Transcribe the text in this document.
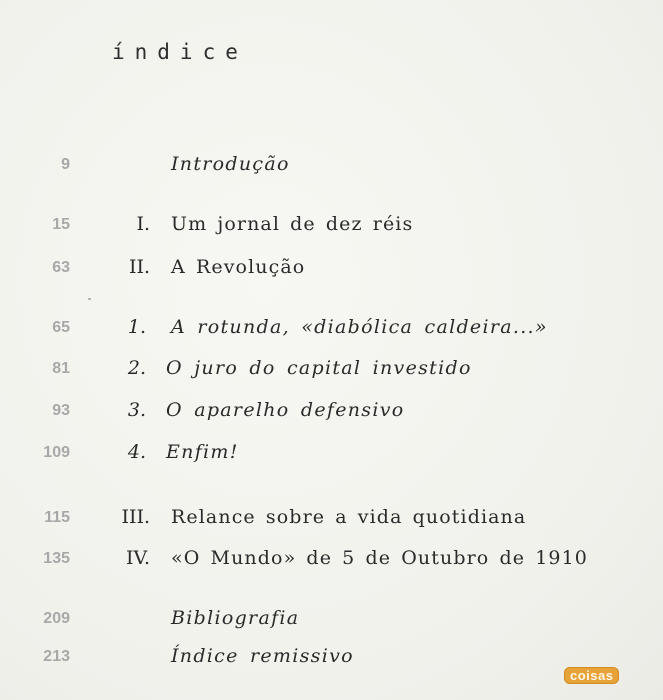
índice
9	Introdução
15	I. Um jornal de dez réis
63	II. A Revolução
65	1. A rotunda, «diabólica caldeira...»
81	2. O juro do capital investido
93	3. O aparelho defensivo
109	4. Enfim!
115	III. Relance sobre a vida quotidiana
135	IV. «O Mundo» de 5 de Outubro de 1910
209	Bibliografia
213	Índice remissivo
coisas
